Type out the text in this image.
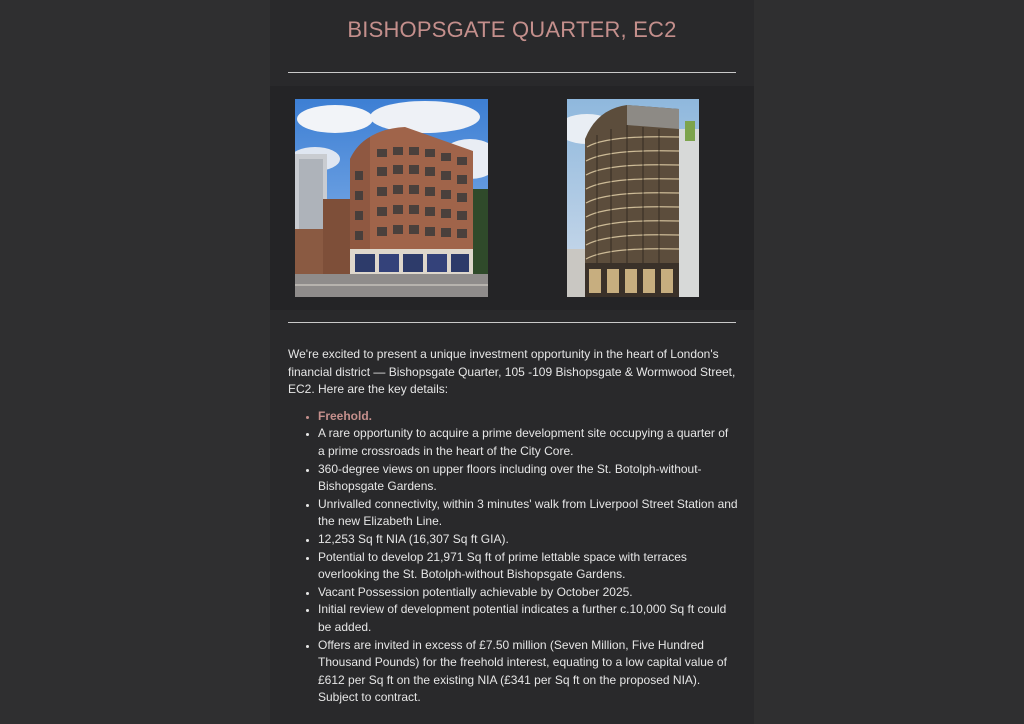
BISHOPSGATE QUARTER, EC2

We're excited to present a unique investment opportunity in the heart of London's financial district — Bishopsgate Quarter, 105 -109 Bishopsgate & Wormwood Street, EC2. Here are the key details:

• Freehold.
• A rare opportunity to acquire a prime development site occupying a quarter of a prime crossroads in the heart of the City Core.
• 360-degree views on upper floors including over the St. Botolph-without-Bishopsgate Gardens.
• Unrivalled connectivity, within 3 minutes' walk from Liverpool Street Station and the new Elizabeth Line.
• 12,253 Sq ft NIA (16,307 Sq ft GIA).
• Potential to develop 21,971 Sq ft of prime lettable space with terraces overlooking the St. Botolph-without Bishopsgate Gardens.
• Vacant Possession potentially achievable by October 2025.
• Initial review of development potential indicates a further c.10,000 Sq ft could be added.
• Offers are invited in excess of £7.50 million (Seven Million, Five Hundred Thousand Pounds) for the freehold interest, equating to a low capital value of £612 per Sq ft on the existing NIA (£341 per Sq ft on the proposed NIA). Subject to contract.
